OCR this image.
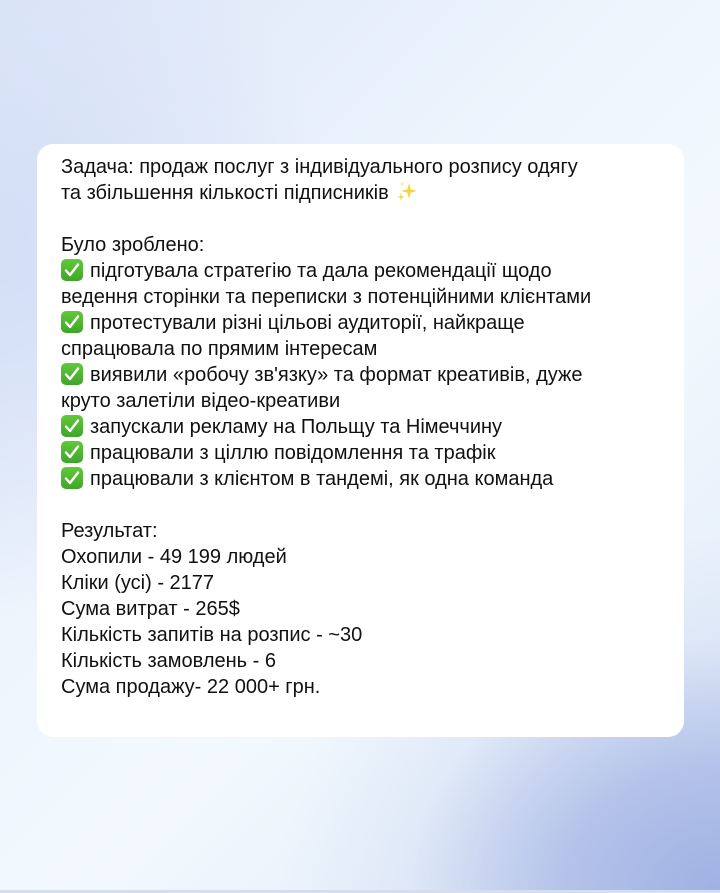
Задача: продаж послуг з індивідуального розпису одягу
та збільшення кількості підписників
Було зроблено:
підготувала стратегію та дала рекомендації щодо
ведення сторінки та переписки з потенційними клієнтами
протестували різні цільові аудиторії, найкраще
спрацювала по прямим інтересам
виявили «робочу зв'язку» та формат креативів, дуже
круто залетіли відео-креативи
запускали рекламу на Польщу та Німеччину
працювали з ціллю повідомлення та трафік
працювали з клієнтом в тандемі, як одна команда
Результат:
Охопили - 49 199 людей
Кліки (усі) - 2177
Сума витрат - 265$
Кількість запитів на розпис - ~30
Кількість замовлень - 6
Сума продажу- 22 000+ грн.
